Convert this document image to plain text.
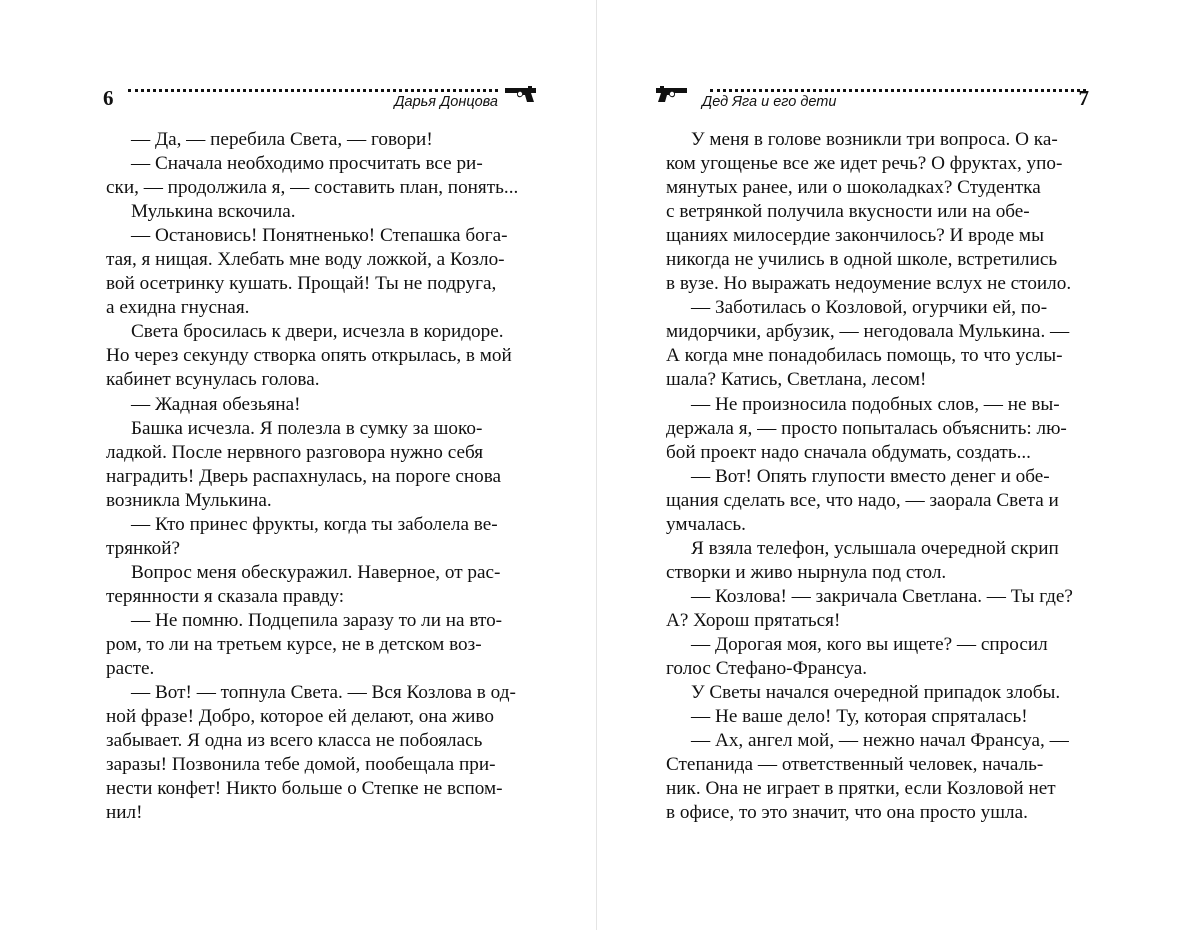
6	Дарья Донцова

— Да, — перебила Света, — говори!

— Сначала необходимо просчитать все ри-
ски, — продолжила я, — составить план, понять...

Мулькина вскочила.

— Остановись! Понятненько! Степашка бога-
тая, я нищая. Хлебать мне воду ложкой, а Козло-
вой осетринку кушать. Прощай! Ты не подруга,
а ехидна гнусная.

Света бросилась к двери, исчезла в коридоре.
Но через секунду створка опять открылась, в мой
кабинет всунулась голова.

— Жадная обезьяна!

Башка исчезла. Я полезла в сумку за шоко-
ладкой. После нервного разговора нужно себя
наградить! Дверь распахнулась, на пороге снова
возникла Мулькина.

— Кто принес фрукты, когда ты заболела ве-
трянкой?

Вопрос меня обескуражил. Наверное, от рас-
терянности я сказала правду:

— Не помню. Подцепила заразу то ли на вто-
ром, то ли на третьем курсе, не в детском воз-
расте.

— Вот! — топнула Света. — Вся Козлова в од-
ной фразе! Добро, которое ей делают, она живо
забывает. Я одна из всего класса не побоялась
заразы! Позвонила тебе домой, пообещала при-
нести конфет! Никто больше о Степке не вспом-
нил!

Дед Яга и его дети	7

У меня в голове возникли три вопроса. О ка-
ком угощенье все же идет речь? О фруктах, упо-
мянутых ранее, или о шоколадках? Студентка
с ветрянкой получила вкусности или на обе-
щаниях милосердие закончилось? И вроде мы
никогда не учились в одной школе, встретились
в вузе. Но выражать недоумение вслух не стоило.

— Заботилась о Козловой, огурчики ей, по-
мидорчики, арбузик, — негодовала Мулькина. —
А когда мне понадобилась помощь, то что услы-
шала? Катись, Светлана, лесом!

— Не произносила подобных слов, — не вы-
держала я, — просто попыталась объяснить: лю-
бой проект надо сначала обдумать, создать...

— Вот! Опять глупости вместо денег и обе-
щания сделать все, что надо, — заорала Света и
умчалась.

Я взяла телефон, услышала очередной скрип
створки и живо нырнула под стол.

— Козлова! — закричала Светлана. — Ты где?
А? Хорош прятаться!

— Дорогая моя, кого вы ищете? — спросил
голос Стефано-Франсуа.

У Светы начался очередной припадок злобы.

— Не ваше дело! Ту, которая спряталась!

— Ах, ангел мой, — нежно начал Франсуа, —
Степанида — ответственный человек, началь-
ник. Она не играет в прятки, если Козловой нет
в офисе, то это значит, что она просто ушла.
